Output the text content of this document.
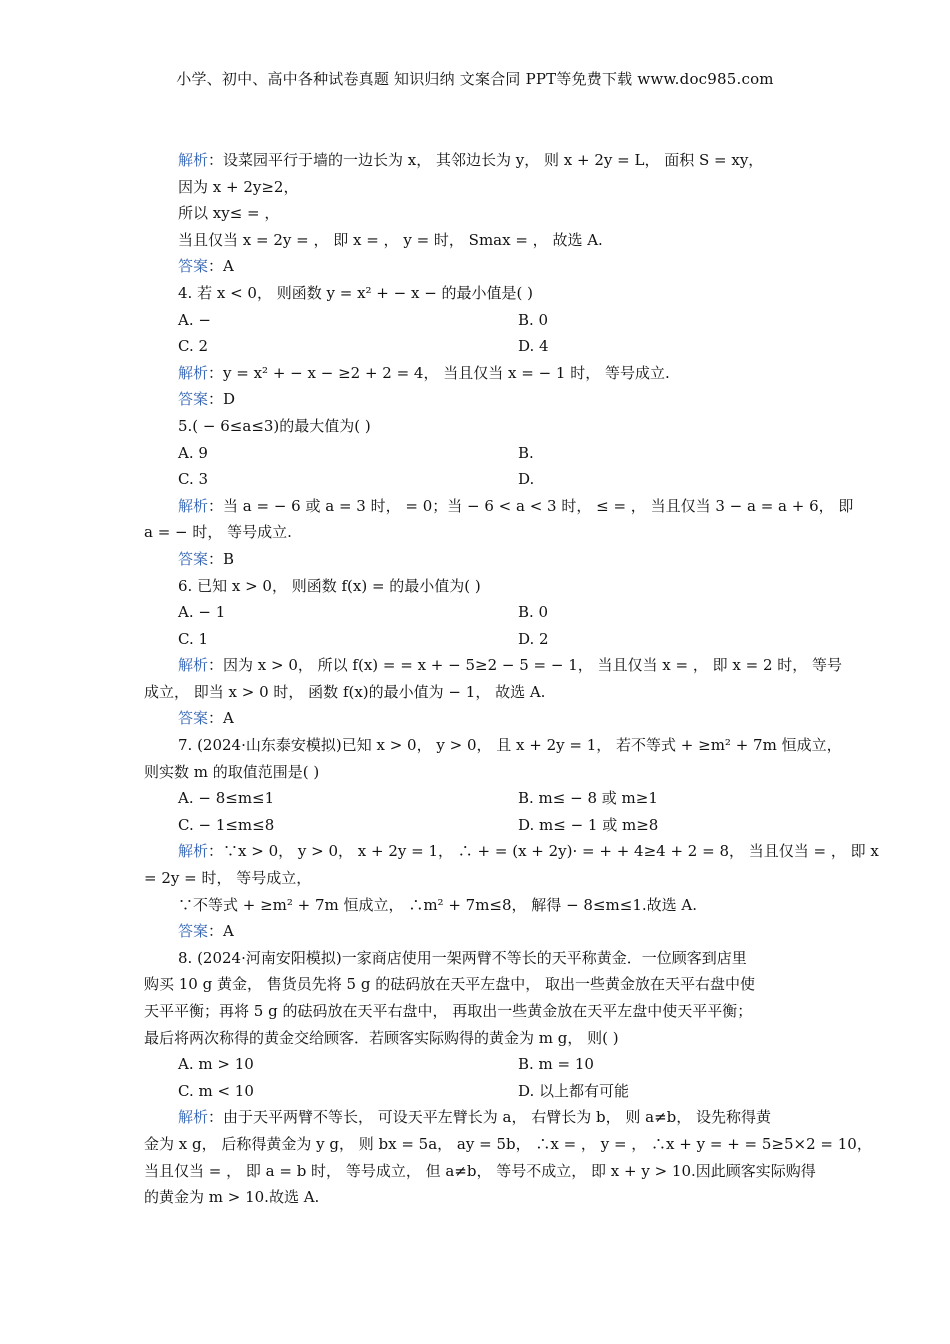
小学、初中、高中各种试卷真题 知识归纳 文案合同 PPT等免费下载 www.doc985.com
解析：设菜园平行于墙的一边长为 x， 其邻边长为 y， 则 x + 2y = L， 面积 S = xy，
因为 x + 2y≥2，
所以 xy≤ = ，
当且仅当 x = 2y = ， 即 x = ， y = 时， Smax = ， 故选 A.
答案：A
4. 若 x < 0， 则函数 y = x² + − x − 的最小值是( )
A. −	B. 0
C. 2	D. 4
解析：y = x² + − x − ≥2 + 2 = 4， 当且仅当 x = − 1 时， 等号成立.
答案：D
5.( − 6≤a≤3)的最大值为( )
A. 9	B.
C. 3	D.
解析：当 a = − 6 或 a = 3 时， = 0；当 − 6 < a < 3 时， ≤ = ， 当且仅当 3 − a = a + 6， 即
a = − 时， 等号成立.
答案：B
6. 已知 x > 0， 则函数 f(x) = 的最小值为( )
A. − 1	B. 0
C. 1	D. 2
解析：因为 x > 0， 所以 f(x) = = x + − 5≥2 − 5 = − 1， 当且仅当 x = ， 即 x = 2 时， 等号
成立， 即当 x > 0 时， 函数 f(x)的最小值为 − 1， 故选 A.
答案：A
7. (2024·山东泰安模拟)已知 x > 0， y > 0， 且 x + 2y = 1， 若不等式 + ≥m² + 7m 恒成立，
则实数 m 的取值范围是( )
A. − 8≤m≤1	B. m≤ − 8 或 m≥1
C. − 1≤m≤8	D. m≤ − 1 或 m≥8
解析：∵x > 0， y > 0， x + 2y = 1， ∴ + = (x + 2y)· = + + 4≥4 + 2 = 8， 当且仅当 = ， 即 x
= 2y = 时， 等号成立，
∵不等式 + ≥m² + 7m 恒成立， ∴m² + 7m≤8， 解得 − 8≤m≤1.故选 A.
答案：A
8. (2024·河南安阳模拟)一家商店使用一架两臂不等长的天平称黄金．一位顾客到店里
购买 10 g 黄金， 售货员先将 5 g 的砝码放在天平左盘中， 取出一些黄金放在天平右盘中使
天平平衡；再将 5 g 的砝码放在天平右盘中， 再取出一些黄金放在天平左盘中使天平平衡；
最后将两次称得的黄金交给顾客．若顾客实际购得的黄金为 m g， 则( )
A. m > 10	B. m = 10
C. m < 10	D. 以上都有可能
解析：由于天平两臂不等长， 可设天平左臂长为 a， 右臂长为 b， 则 a≠b， 设先称得黄
金为 x g， 后称得黄金为 y g， 则 bx = 5a， ay = 5b， ∴x = ， y = ， ∴x + y = + = 5≥5×2 = 10，
当且仅当 = ， 即 a = b 时， 等号成立， 但 a≠b， 等号不成立， 即 x + y > 10.因此顾客实际购得
的黄金为 m > 10.故选 A.
